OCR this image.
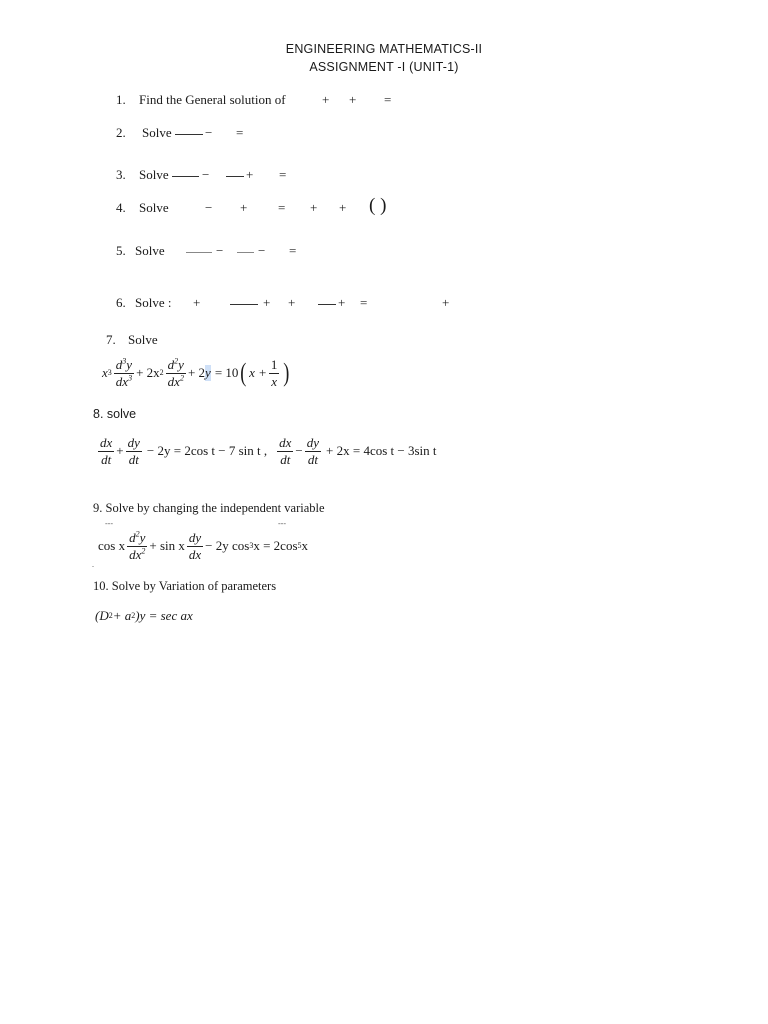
ENGINEERING MATHEMATICS-II
ASSIGNMENT -I (UNIT-1)
1. Find the General solution of	+ + =
2. Solve	− =
3. Solve	−	+ =
4. Solve	− + = + + ( )
5. Solve	−	− =
6. Solve : +	+ +	+ =	+
7. Solve
x $3 \frac{d^3y}{dx^3} + 2x$ $2 \frac{d^2y}{dx^2} + 2$ y = 10 ( $x + \frac{1}{x}$ )
8. solve
$\frac{dx}{dt} + \frac{dy}{dt} - 2y = 2\cos$ t − 7 sin t , $\frac{dx}{dt} - \frac{dy}{dt} + 2x = 4\cos$ t − 3sin t
9. Solve by changing the independent variable
---	---
cos x $\frac{d^2y}{dx^2} + \sin x \frac{dy}{dx} - 2y$ cos 3 x = 2cos 5 x
.
10. Solve by Variation of parameters
(D 2 + a 2 )y = sec ax
